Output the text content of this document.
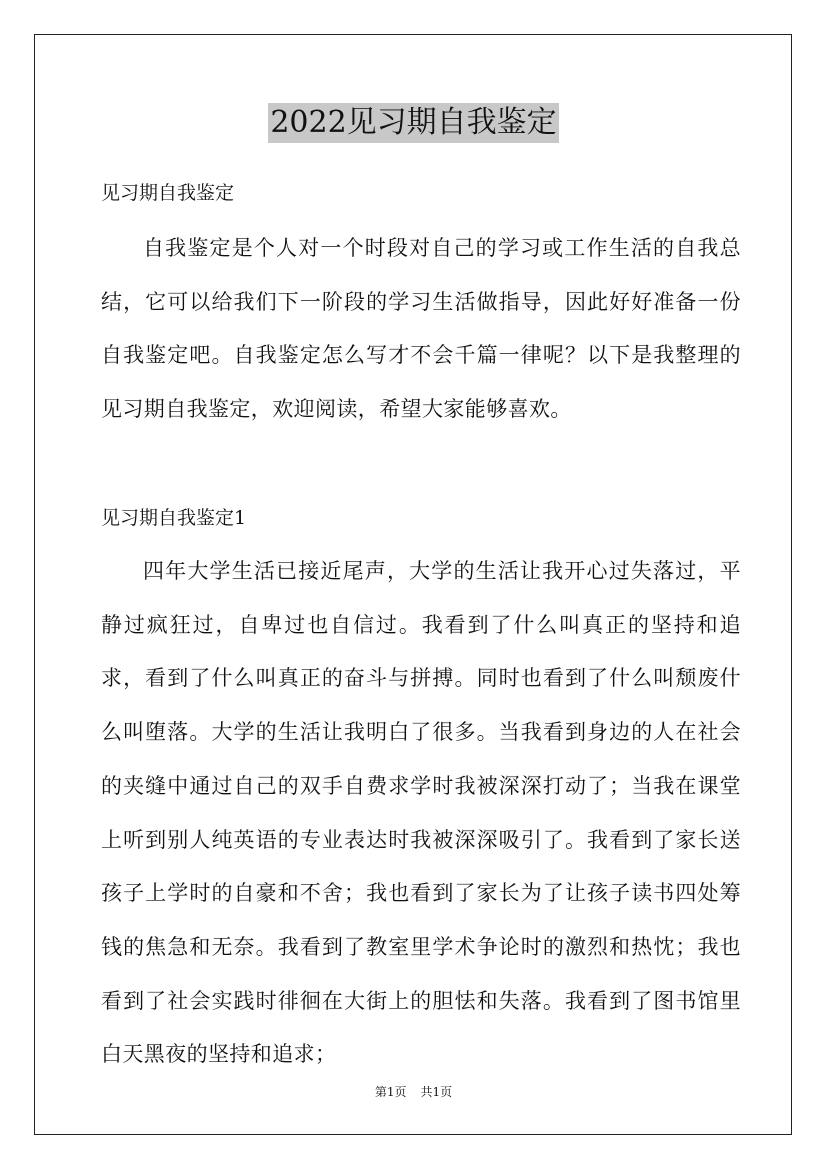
2022见习期自我鉴定
见习期自我鉴定

自我鉴定是个人对一个时段对自己的学习或工作生活的自我总结，它可以给我们下一阶段的学习生活做指导，因此好好准备一份自我鉴定吧。自我鉴定怎么写才不会千篇一律呢？以下是我整理的见习期自我鉴定，欢迎阅读，希望大家能够喜欢。

见习期自我鉴定1

四年大学生活已接近尾声，大学的生活让我开心过失落过，平静过疯狂过，自卑过也自信过。我看到了什么叫真正的坚持和追求，看到了什么叫真正的奋斗与拼搏。同时也看到了什么叫颓废什么叫堕落。大学的生活让我明白了很多。当我看到身边的人在社会的夹缝中通过自己的双手自费求学时我被深深打动了；当我在课堂上听到别人纯英语的专业表达时我被深深吸引了。我看到了家长送孩子上学时的自豪和不舍；我也看到了家长为了让孩子读书四处筹钱的焦急和无奈。我看到了教室里学术争论时的激烈和热忱；我也看到了社会实践时徘徊在大街上的胆怯和失落。我看到了图书馆里白天黑夜的坚持和追求；

第1页 共1页
